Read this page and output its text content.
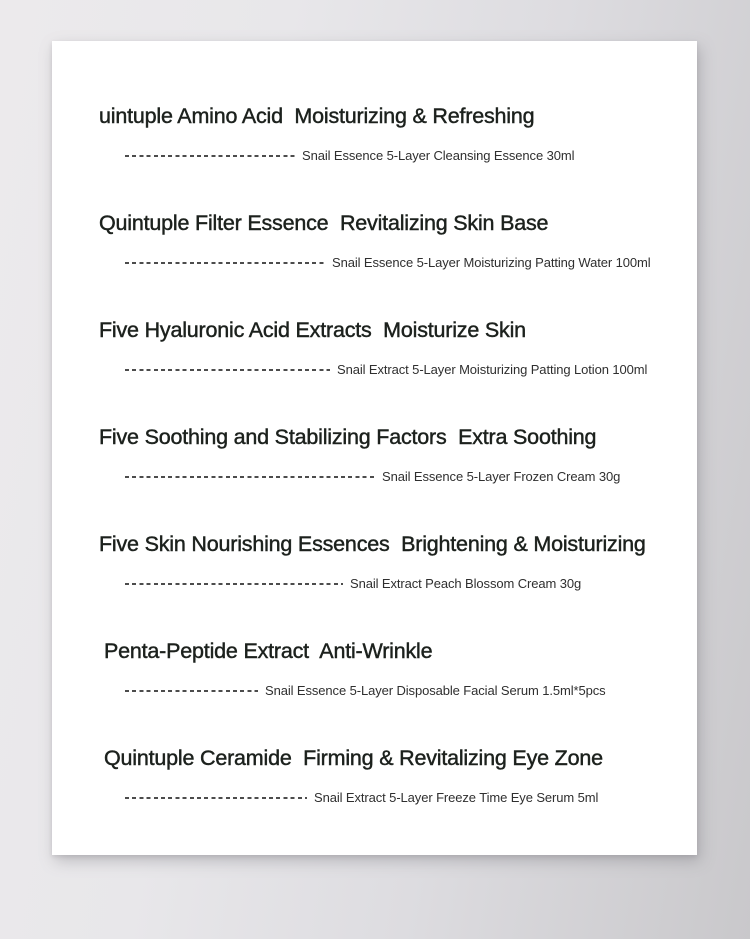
uintuple Amino Acid  Moisturizing & Refreshing
Snail Essence 5-Layer Cleansing Essence 30ml
Quintuple Filter Essence  Revitalizing Skin Base
Snail Essence 5-Layer Moisturizing Patting Water 100ml
Five Hyaluronic Acid Extracts  Moisturize Skin
Snail Extract 5-Layer Moisturizing Patting Lotion 100ml
Five Soothing and Stabilizing Factors  Extra Soothing
Snail Essence 5-Layer Frozen Cream 30g
Five Skin Nourishing Essences  Brightening & Moisturizing
Snail Extract Peach Blossom Cream 30g
Penta-Peptide Extract  Anti-Wrinkle
Snail Essence 5-Layer Disposable Facial Serum 1.5ml*5pcs
Quintuple Ceramide  Firming & Revitalizing Eye Zone
Snail Extract 5-Layer Freeze Time Eye Serum 5ml
